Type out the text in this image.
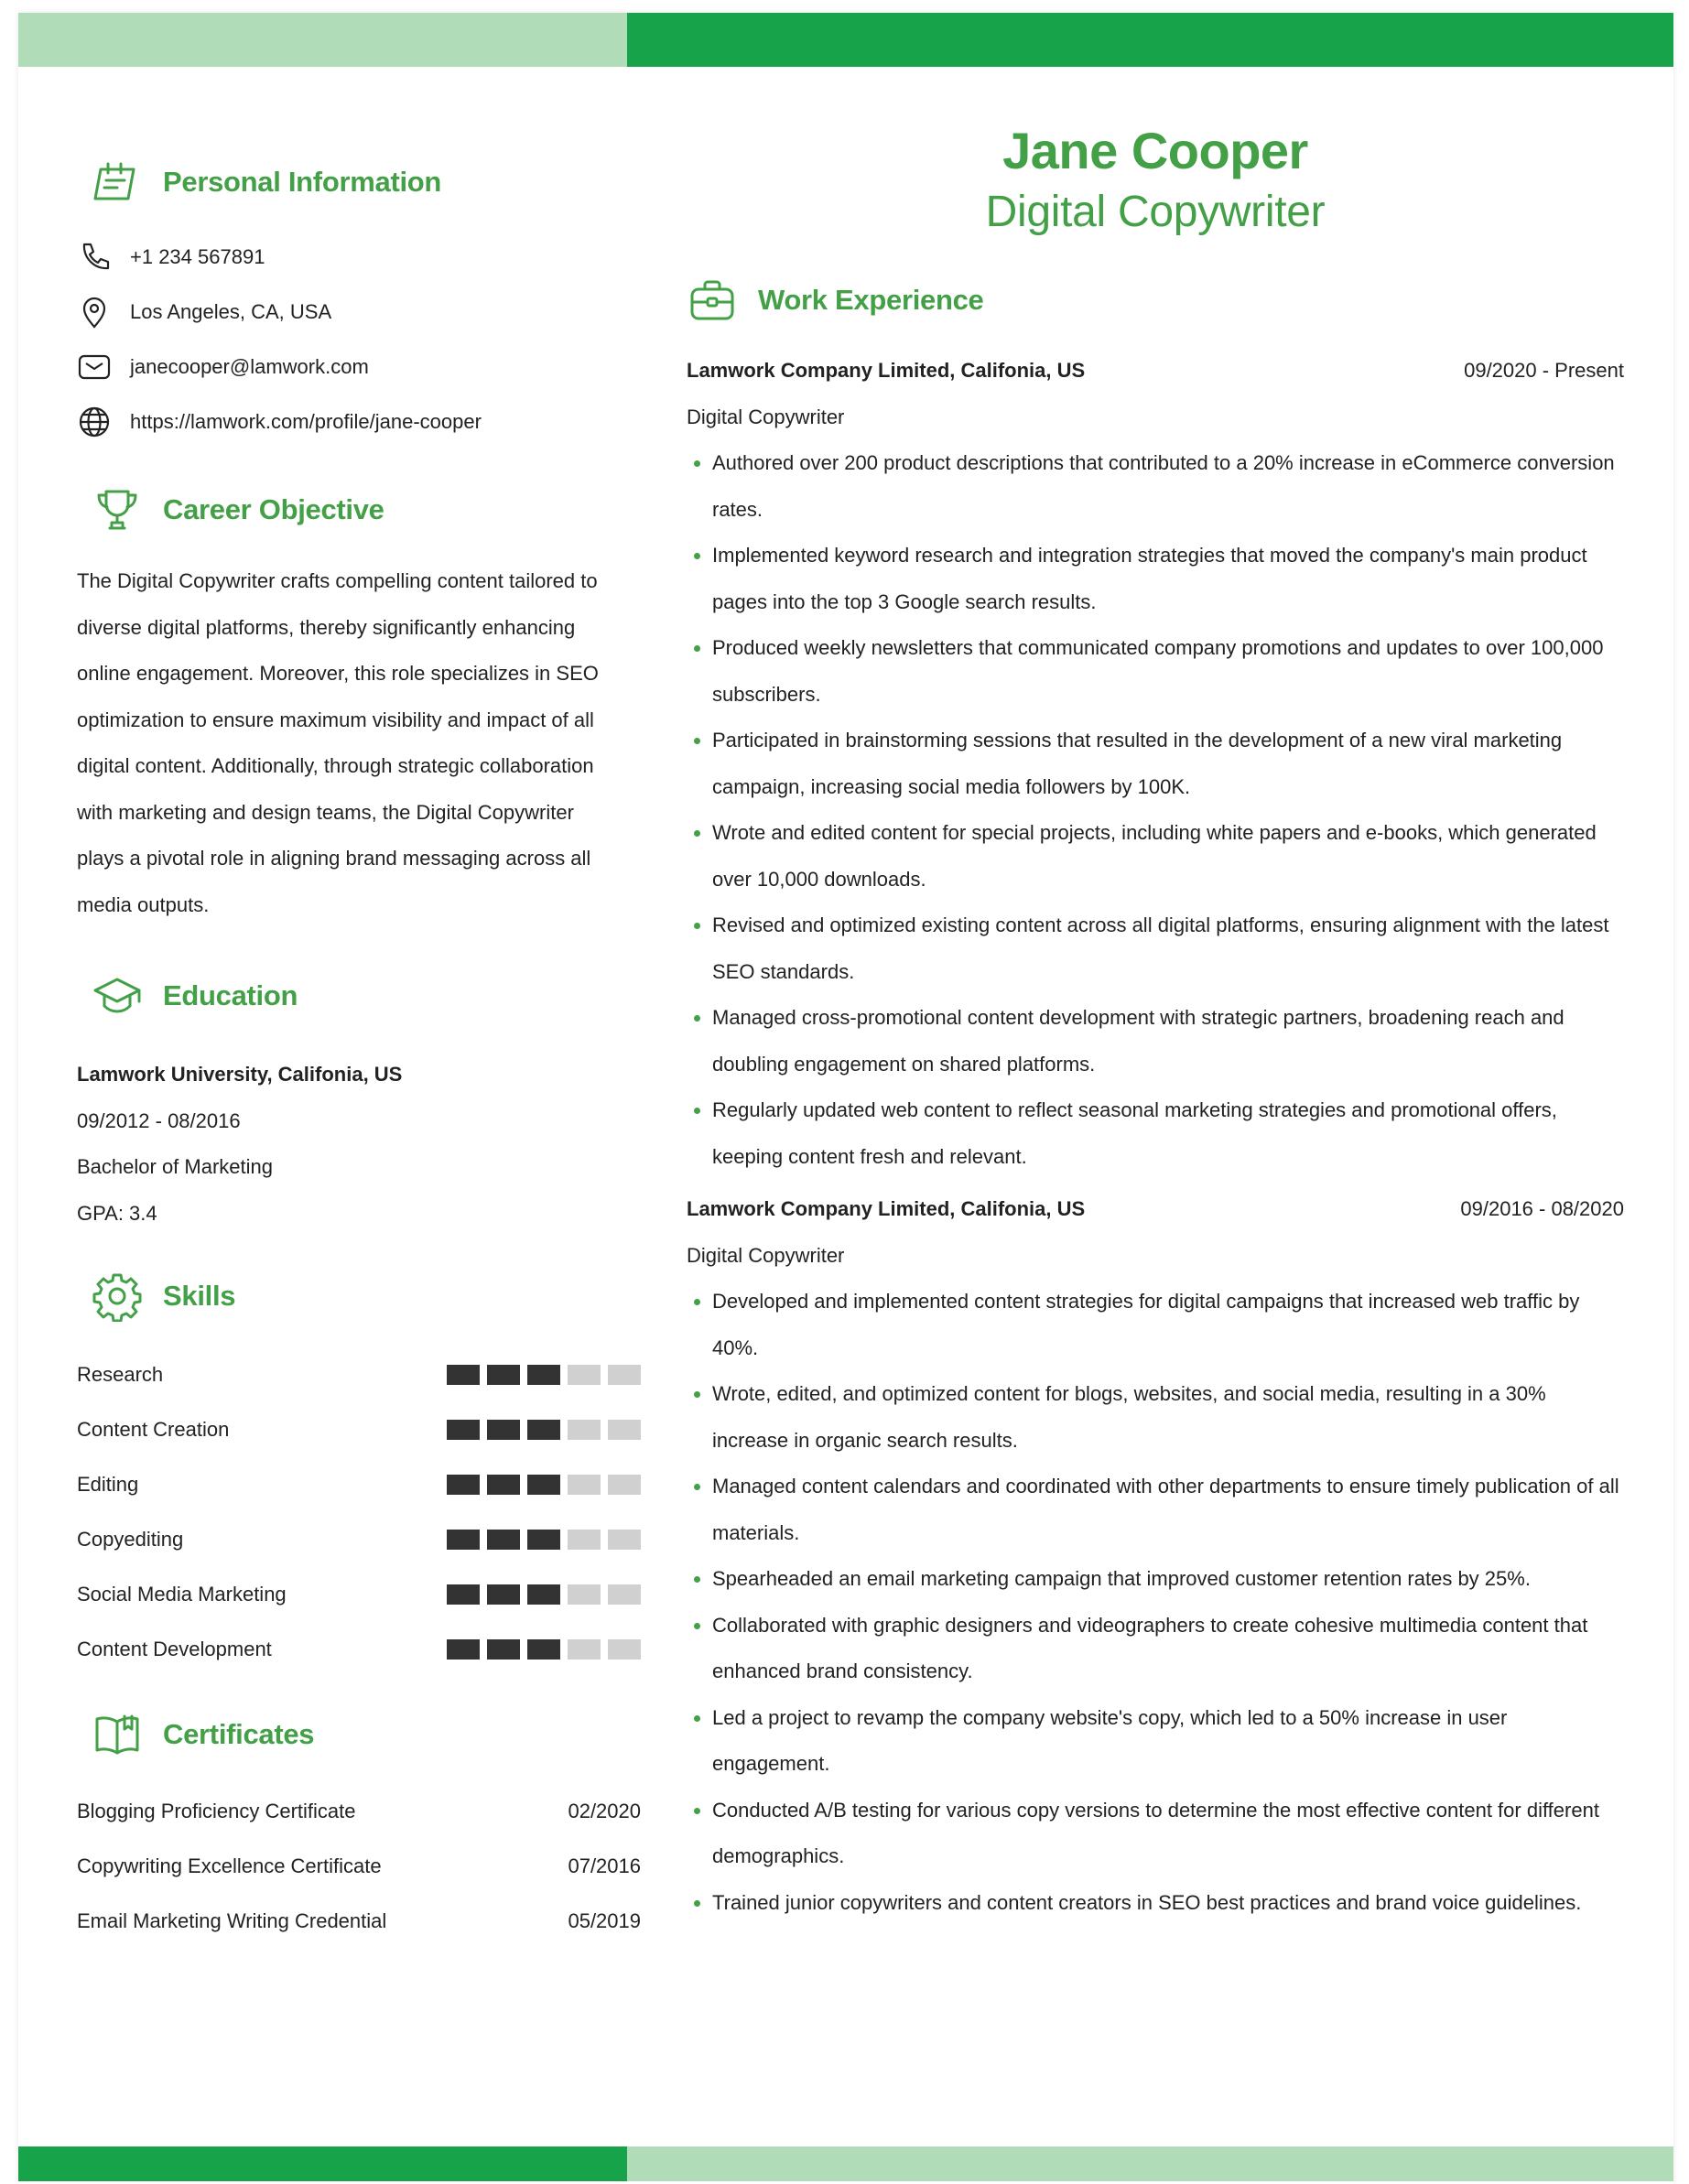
Personal Information
+1 234 567891
Los Angeles, CA, USA
janecooper@lamwork.com
https://lamwork.com/profile/jane-cooper
Career Objective
The Digital Copywriter crafts compelling content tailored to diverse digital platforms, thereby significantly enhancing online engagement. Moreover, this role specializes in SEO optimization to ensure maximum visibility and impact of all digital content. Additionally, through strategic collaboration with marketing and design teams, the Digital Copywriter plays a pivotal role in aligning brand messaging across all media outputs.
Education
Lamwork University, Califonia, US
09/2012 - 08/2016
Bachelor of Marketing
GPA: 3.4
Skills
Research
Content Creation
Editing
Copyediting
Social Media Marketing
Content Development
Certificates
Blogging Proficiency Certificate	02/2020
Copywriting Excellence Certificate	07/2016
Email Marketing Writing Credential	05/2019
Jane Cooper
Digital Copywriter
Work Experience
Lamwork Company Limited, Califonia, US	09/2020 - Present
Digital Copywriter
Authored over 200 product descriptions that contributed to a 20% increase in eCommerce conversion rates.
Implemented keyword research and integration strategies that moved the company's main product pages into the top 3 Google search results.
Produced weekly newsletters that communicated company promotions and updates to over 100,000 subscribers.
Participated in brainstorming sessions that resulted in the development of a new viral marketing campaign, increasing social media followers by 100K.
Wrote and edited content for special projects, including white papers and e-books, which generated over 10,000 downloads.
Revised and optimized existing content across all digital platforms, ensuring alignment with the latest SEO standards.
Managed cross-promotional content development with strategic partners, broadening reach and doubling engagement on shared platforms.
Regularly updated web content to reflect seasonal marketing strategies and promotional offers, keeping content fresh and relevant.
Lamwork Company Limited, Califonia, US	09/2016 - 08/2020
Digital Copywriter
Developed and implemented content strategies for digital campaigns that increased web traffic by 40%.
Wrote, edited, and optimized content for blogs, websites, and social media, resulting in a 30% increase in organic search results.
Managed content calendars and coordinated with other departments to ensure timely publication of all materials.
Spearheaded an email marketing campaign that improved customer retention rates by 25%.
Collaborated with graphic designers and videographers to create cohesive multimedia content that enhanced brand consistency.
Led a project to revamp the company website's copy, which led to a 50% increase in user engagement.
Conducted A/B testing for various copy versions to determine the most effective content for different demographics.
Trained junior copywriters and content creators in SEO best practices and brand voice guidelines.
